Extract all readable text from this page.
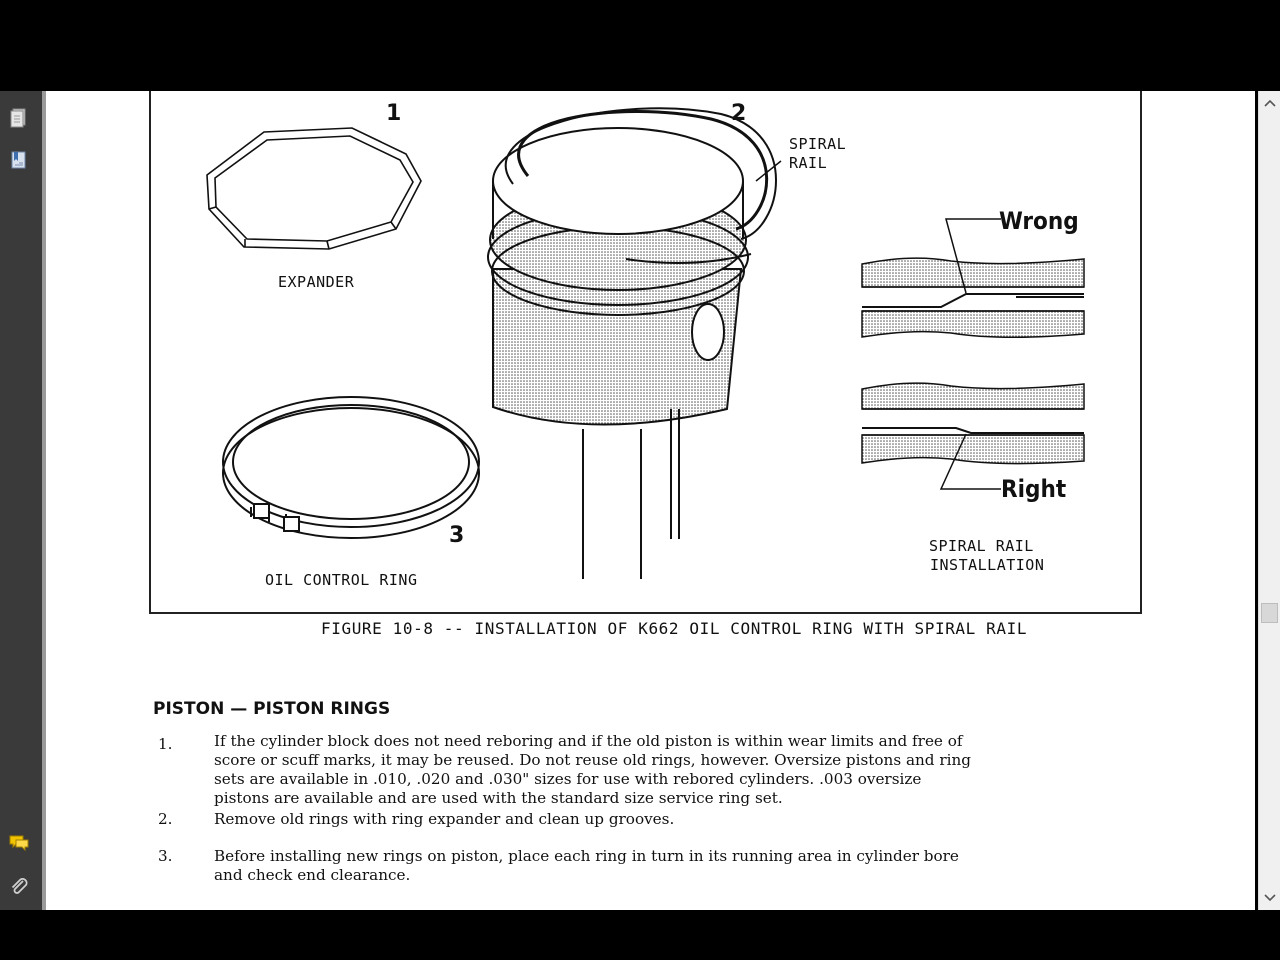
1	2
3
EXPANDER
SPIRAL
RAIL
OIL CONTROL RING
Wrong
Right
SPIRAL RAIL
INSTALLATION
FIGURE 10-8 -- INSTALLATION OF K662 OIL CONTROL RING WITH SPIRAL RAIL
PISTON — PISTON RINGS
1.	If the cylinder block does not need reboring and if the old piston is within wear limits and free of
score or scuff marks, it may be reused. Do not reuse old rings, however. Oversize pistons and ring
sets are available in .010, .020 and .030" sizes for use with rebored cylinders. .003 oversize
pistons are available and are used with the standard size service ring set.
2.	Remove old rings with ring expander and clean up grooves.
3.	Before installing new rings on piston, place each ring in turn in its running area in cylinder bore
and check end clearance.
